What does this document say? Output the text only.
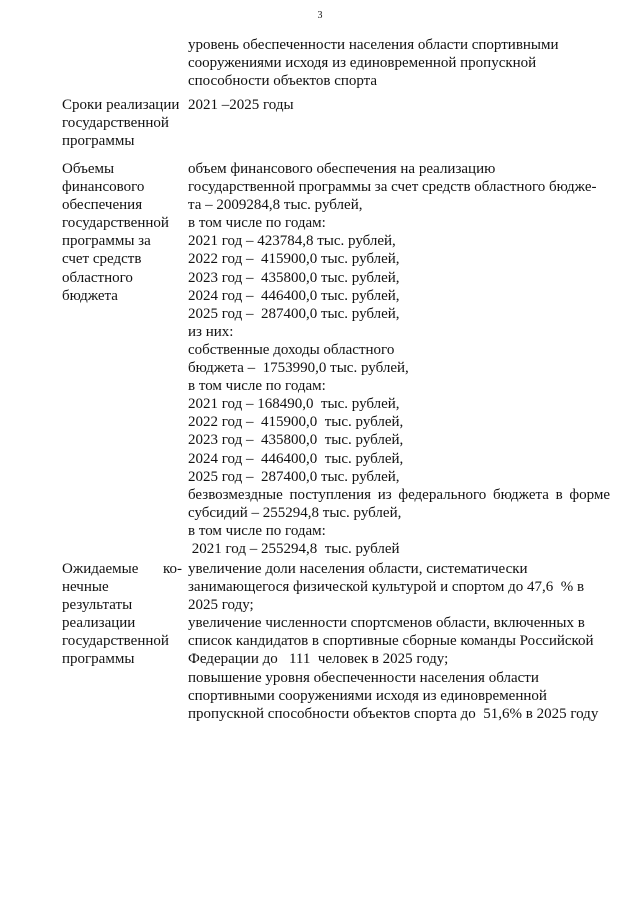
3
уровень обеспеченности населения области спортивными
сооружениями исходя из единовременной пропускной
способности объектов спорта
Сроки реализации
государственной
программы
2021 –2025 годы
Объемы
финансового
обеспечения
государственной
программы за
счет средств
областного
бюджета
объем финансового обеспечения на реализацию
государственной программы за счет средств областного бюдже-
та – 2009284,8 тыс. рублей,
в том числе по годам:
2021 год – 423784,8 тыс. рублей,
2022 год –  415900,0 тыс. рублей,
2023 год –  435800,0 тыс. рублей,
2024 год –  446400,0 тыс. рублей,
2025 год –  287400,0 тыс. рублей,
из них:
собственные доходы областного
бюджета –  1753990,0 тыс. рублей,
в том числе по годам:
2021 год – 168490,0  тыс. рублей,
2022 год –  415900,0  тыс. рублей,
2023 год –  435800,0  тыс. рублей,
2024 год –  446400,0  тыс. рублей,
2025 год –  287400,0 тыс. рублей,
безвозмездные поступления из федерального бюджета в форме
субсидий – 255294,8 тыс. рублей,
в том числе по годам:
2021 год – 255294,8  тыс. рублей
Ожидаемые ко-
нечные
результаты
реализации
государственной
программы
увеличение доли населения области, систематически
занимающегося физической культурой и спортом до 47,6  % в
2025 году;
увеличение численности спортсменов области, включенных в
список кандидатов в спортивные сборные команды Российской
Федерации до   111  человек в 2025 году;
повышение уровня обеспеченности населения области
спортивными сооружениями исходя из единовременной
пропускной способности объектов спорта до  51,6% в 2025 году
